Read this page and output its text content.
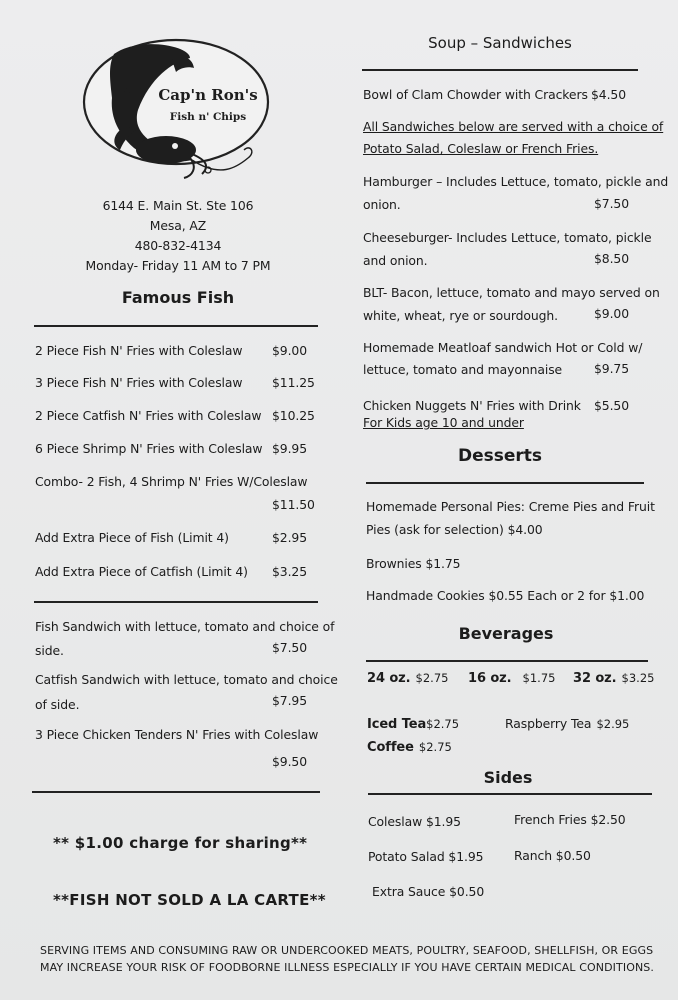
Cap'n Ron's
Fish n' Chips
6144 E. Main St. Ste 106
Mesa, AZ
480-832-4134
Monday- Friday 11 AM to 7 PM
Famous Fish
2 Piece Fish N' Fries with Coleslaw $9.00
3 Piece Fish N' Fries with Coleslaw $11.25
2 Piece Catfish N' Fries with Coleslaw $10.25
6 Piece Shrimp N' Fries with Coleslaw $9.95
Combo- 2 Fish, 4 Shrimp N' Fries W/Coleslaw
$11.50
Add Extra Piece of Fish (Limit 4)	$2.95
Add Extra Piece of Catfish (Limit 4) $3.25
Fish Sandwich with lettuce, tomato and choice of
side.	$7.50
Catfish Sandwich with lettuce, tomato and choice
of side.	$7.95
3 Piece Chicken Tenders N' Fries with Coleslaw
$9.50
** $1.00 charge for sharing**
**FISH NOT SOLD A LA CARTE**
Soup – Sandwiches
Bowl of Clam Chowder with Crackers $4.50
All Sandwiches below are served with a choice of
Potato Salad, Coleslaw or French Fries.
Hamburger – Includes Lettuce, tomato, pickle and
onion.	$7.50
Cheeseburger- Includes Lettuce, tomato, pickle
and onion.	$8.50
BLT- Bacon, lettuce, tomato and mayo served on
white, wheat, rye or sourdough.	$9.00
Homemade Meatloaf sandwich Hot or Cold w/
lettuce, tomato and mayonnaise	$9.75
Chicken Nuggets N' Fries with Drink $5.50
For Kids age 10 and under
Desserts
Homemade Personal Pies: Creme Pies and Fruit
Pies (ask for selection) $4.00
Brownies $1.75
Handmade Cookies $0.55 Each or 2 for $1.00
Beverages
24 oz. $2.75 16 oz. $1.75 32 oz. $3.25
Iced Tea$2.75	Raspberry Tea $2.95
Coffee $2.75
Sides
Coleslaw $1.95	French Fries $2.50
Potato Salad $1.95 Ranch $0.50
Extra Sauce $0.50
SERVING ITEMS AND CONSUMING RAW OR UNDERCOOKED MEATS, POULTRY, SEAFOOD, SHELLFISH, OR EGGS
MAY INCREASE YOUR RISK OF FOODBORNE ILLNESS ESPECIALLY IF YOU HAVE CERTAIN MEDICAL CONDITIONS.
